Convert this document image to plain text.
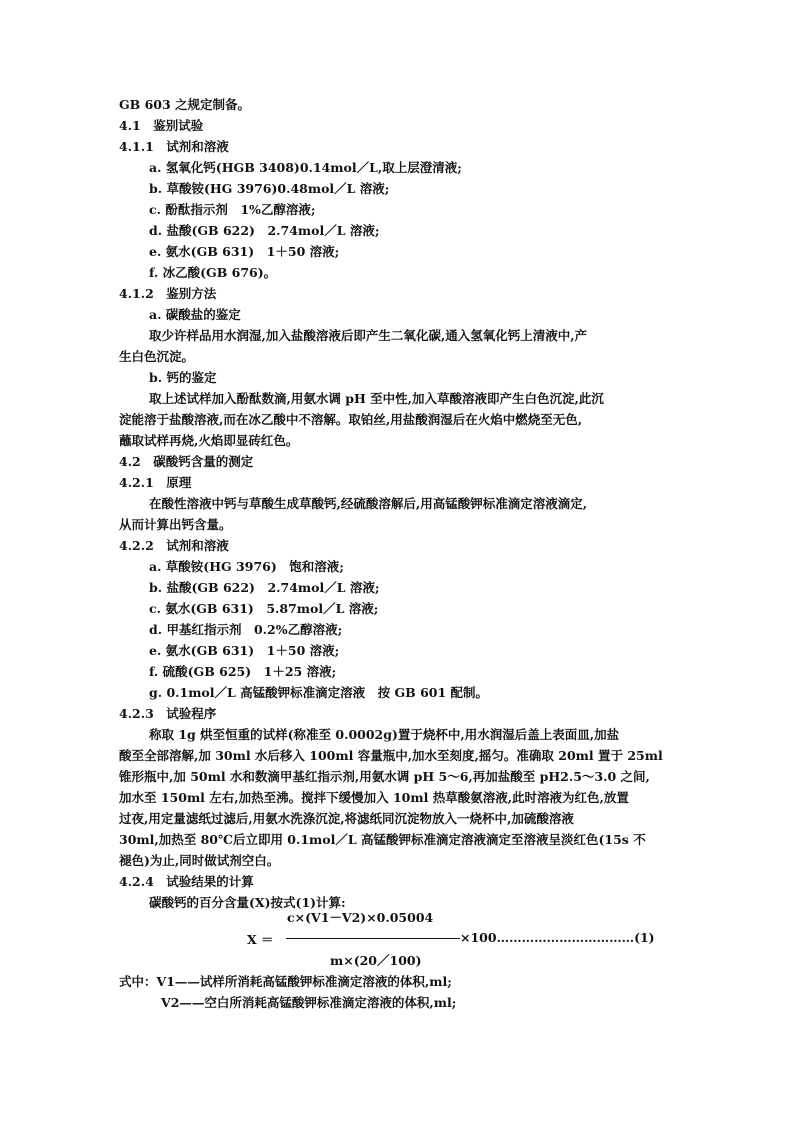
GB 603 之规定制备。
4.1　鉴别试验
4.1.1　试剂和溶液
a. 氢氧化钙(HGB 3408)0.14mol／L,取上层澄清液;
b. 草酸铵(HG 3976)0.48mol／L 溶液;
c. 酚酞指示剂　1%乙醇溶液;
d. 盐酸(GB 622)　2.74mol／L 溶液;
e. 氨水(GB 631)　1＋50 溶液;
f. 冰乙酸(GB 676)。
4.1.2　鉴别方法
a. 碳酸盐的鉴定
取少许样品用水润湿,加入盐酸溶液后即产生二氧化碳,通入氢氧化钙上清液中,产
生白色沉淀。
b. 钙的鉴定
取上述试样加入酚酞数滴,用氨水调 pH 至中性,加入草酸溶液即产生白色沉淀,此沉
淀能溶于盐酸溶液,而在冰乙酸中不溶解。取铂丝,用盐酸润湿后在火焰中燃烧至无色,
蘸取试样再烧,火焰即显砖红色。
4.2　碳酸钙含量的测定
4.2.1　原理
在酸性溶液中钙与草酸生成草酸钙,经硫酸溶解后,用高锰酸钾标准滴定溶液滴定,
从而计算出钙含量。
4.2.2　试剂和溶液
a. 草酸铵(HG 3976)　饱和溶液;
b. 盐酸(GB 622)　2.74mol／L 溶液;
c. 氨水(GB 631)　5.87mol／L 溶液;
d. 甲基红指示剂　0.2%乙醇溶液;
e. 氨水(GB 631)　1＋50 溶液;
f. 硫酸(GB 625)　1＋25 溶液;
g. 0.1mol／L 高锰酸钾标准滴定溶液　按 GB 601 配制。
4.2.3　试验程序
称取 1g 烘至恒重的试样(称准至 0.0002g)置于烧杯中,用水润湿后盖上表面皿,加盐
酸至全部溶解,加 30ml 水后移入 100ml 容量瓶中,加水至刻度,摇匀。准确取 20ml 置于 25ml
锥形瓶中,加 50ml 水和数滴甲基红指示剂,用氨水调 pH 5～6,再加盐酸至 pH2.5～3.0 之间,
加水至 150ml 左右,加热至沸。搅拌下缓慢加入 10ml 热草酸氨溶液,此时溶液为红色,放置
过夜,用定量滤纸过滤后,用氨水洗涤沉淀,将滤纸同沉淀物放入一烧杯中,加硫酸溶液
30ml,加热至 80℃后立即用 0.1mol／L 高锰酸钾标准滴定溶液滴定至溶液呈淡红色(15s 不
褪色)为止,同时做试剂空白。
4.2.4　试验结果的计算
碳酸钙的百分含量(X)按式(1)计算:
c×(V1－V2)×0.05004
X ＝	×100……………………………(1)
m×(20／100)
式中：V1——试样所消耗高锰酸钾标准滴定溶液的体积,ml;
V2——空白所消耗高锰酸钾标准滴定溶液的体积,ml;
